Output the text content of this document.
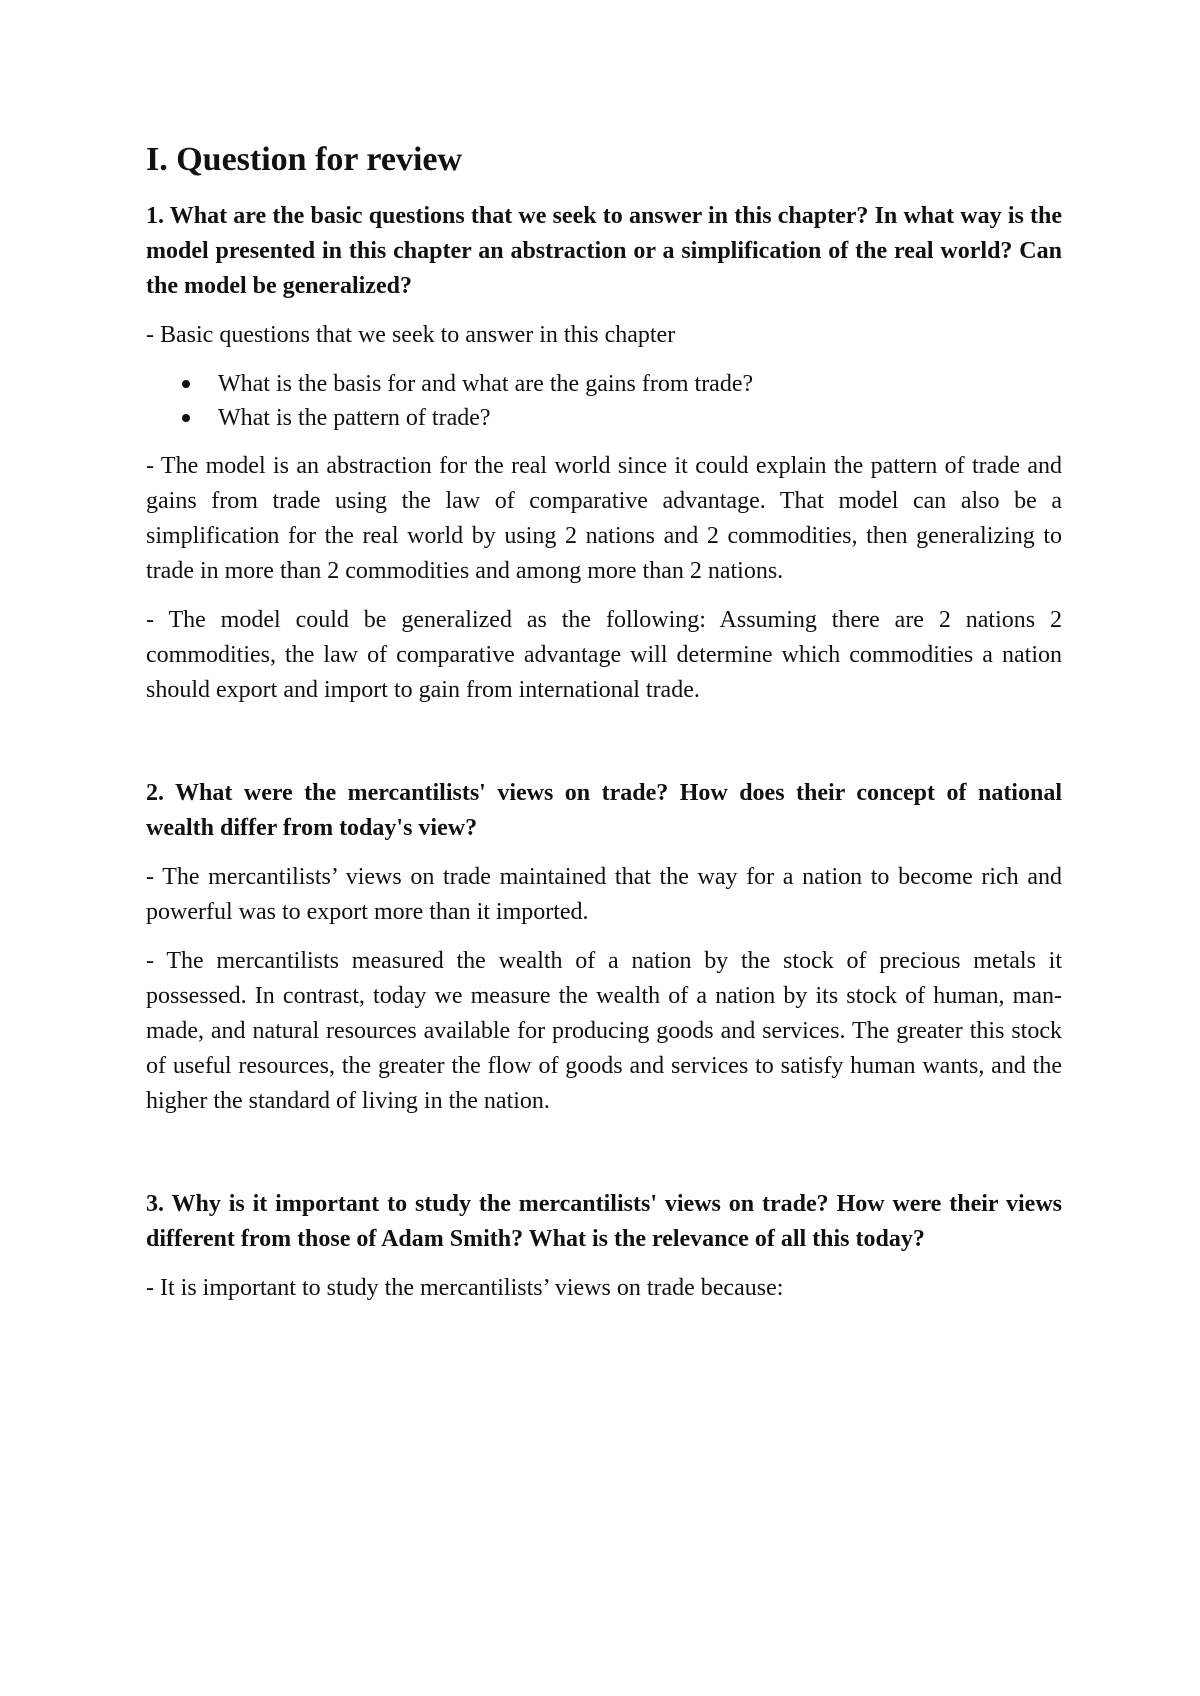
I. Question for review

1. What are the basic questions that we seek to answer in this chapter? In what way is the model presented in this chapter an abstraction or a simplification of the real world? Can the model be generalized?

- Basic questions that we seek to answer in this chapter

What is the basis for and what are the gains from trade?
What is the pattern of trade?

- The model is an abstraction for the real world since it could explain the pattern of trade and gains from trade using the law of comparative advantage. That model can also be a simplification for the real world by using 2 nations and 2 commodities, then generalizing to trade in more than 2 commodities and among more than 2 nations.

- The model could be generalized as the following: Assuming there are 2 nations 2 commodities, the law of comparative advantage will determine which commodities a nation should export and import to gain from international trade.

2. What were the mercantilists' views on trade? How does their concept of national wealth differ from today's view?

- The mercantilists’ views on trade maintained that the way for a nation to become rich and powerful was to export more than it imported.

- The mercantilists measured the wealth of a nation by the stock of precious metals it possessed. In contrast, today we measure the wealth of a nation by its stock of human, man-made, and natural resources available for producing goods and services. The greater this stock of useful resources, the greater the flow of goods and services to satisfy human wants, and the higher the standard of living in the nation.

3. Why is it important to study the mercantilists' views on trade? How were their views different from those of Adam Smith? What is the relevance of all this today?

- It is important to study the mercantilists’ views on trade because:
